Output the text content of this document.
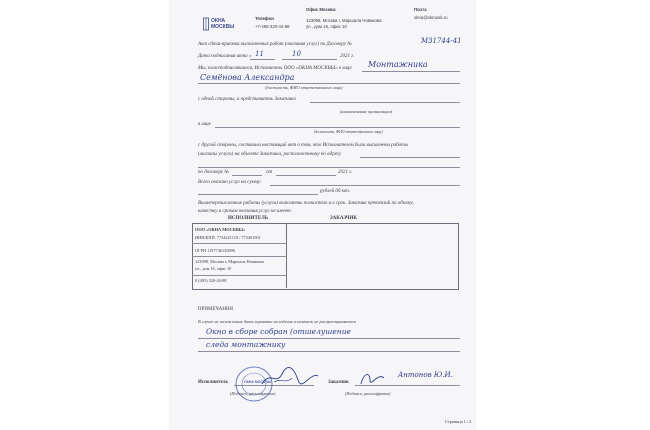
ОКНА
МОСКВЫ
Телефон
+7-495-320-44-88
Офис Москва:
123098, Москва г, Маршала Новикова
ул., дом 16, офис 10
Почта
okna@okmosk.ru
Акт сдачи-приемки выполненных работ (оказания услуг) по Договору №	МЗ1744-41
Дата подписания акта « 11	10	2021 г.
Мы, нижеподписавшиеся, Исполнитель ООО «ОКНА МОСКВЫ» в лице Монтажника
Семёнова Александра
(должность, ФИО ответственного лица)
с одной стороны, и представитель Заказчика
(наименование организации)
в лице
(должность, ФИО ответственного лица)
с другой стороны, составили настоящий акт о том, что Исполнителем были выполнены работы
(оказаны услуги) на объекте Заказчика, расположенному по адресу
по договору №	от	2021 г.
Всего оказано услуг на сумму:
рублей 00 коп.
Вышеперечисленные работы (услуги) выполнены полностью и в срок. Заказчик претензий по объему,
качеству и срокам оказания услуг не имеет.
ИСПОЛНИТЕЛЬ	ЗАКАЗЧИК
ООО «ОКНА МОСКВЫ»
ИНН/КПП: 7734421118 / 773401001
ОГРН 1197746130096
123098, Москва г, Маршала Новикова
ул., дом 16, офис 10
8 (495) 320-44-88
ПРИМЕЧАНИЯ
В случае не положенных Акта гарантии на изделия и монтаж не распространяются
Окно в сборе собран (отшелушение
следа монтажнику
Исполнитель
(Подпись, расшифровка)
ОКНА МОСКВЫ	Заказчик
(Подпись, расшифровка)
Антонов Ю.И.
Страница 1 / 2
